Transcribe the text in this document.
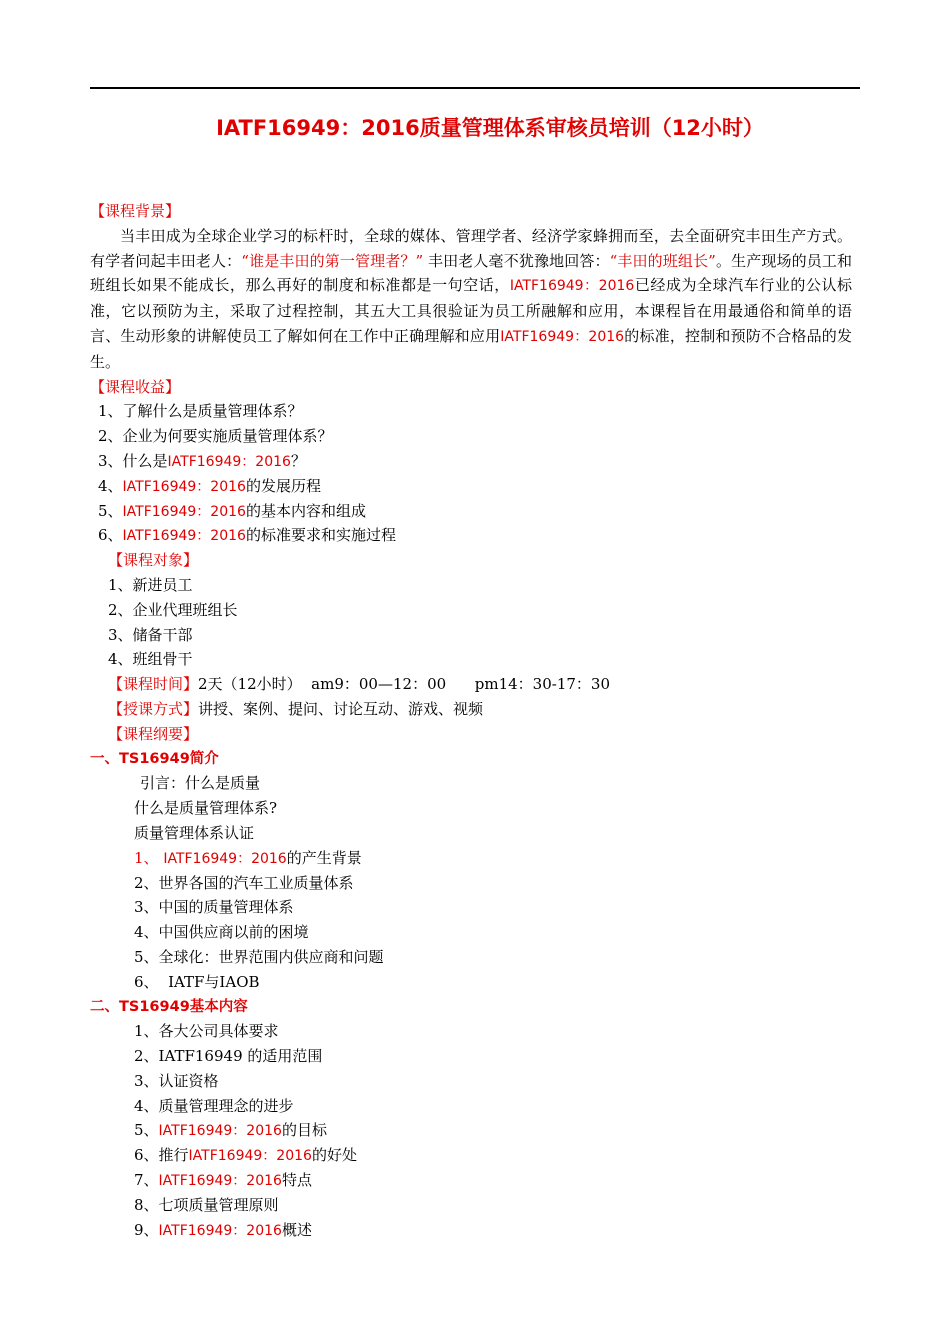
IATF16949：2016质量管理体系审核员培训（12小时）
【课程背景】
当丰田成为全球企业学习的标杆时，全球的媒体、管理学者、经济学家蜂拥而至，去全面研究丰田生产方式。有学者问起丰田老人：“谁是丰田的第一管理者？” 丰田老人毫不犹豫地回答：“丰田的班组长”。生产现场的员工和班组长如果不能成长，那么再好的制度和标准都是一句空话，IATF16949：2016已经成为全球汽车行业的公认标准，它以预防为主，采取了过程控制，其五大工具很验证为员工所融解和应用，本课程旨在用最通俗和简单的语言、生动形象的讲解使员工了解如何在工作中正确理解和应用IATF16949：2016的标准，控制和预防不合格品的发生。
【课程收益】
1、了解什么是质量管理体系？
2、企业为何要实施质量管理体系？
3、什么是IATF16949：2016？
4、IATF16949：2016的发展历程
5、IATF16949：2016的基本内容和组成
6、IATF16949：2016的标准要求和实施过程
【课程对象】
1、新进员工
2、企业代理班组长
3、储备干部
4、班组骨干
【课程时间】2天（12小时）  am9：00—12：00      pm14：30-17：30
【授课方式】讲授、案例、提问、讨论互动、游戏、视频
【课程纲要】
一、TS16949简介
引言：什么是质量
什么是质量管理体系?
质量管理体系认证
1、 IATF16949：2016的产生背景
2、世界各国的汽车工业质量体系
3、中国的质量管理体系
4、中国供应商以前的困境
5、全球化：世界范围内供应商和问题
6、  IATF与IAOB
二、TS16949基本内容
1、各大公司具体要求
2、IATF16949 的适用范围
3、认证资格
4、质量管理理念的进步
5、IATF16949：2016的目标
6、推行IATF16949：2016的好处
7、IATF16949：2016特点
8、七项质量管理原则
9、IATF16949：2016概述
